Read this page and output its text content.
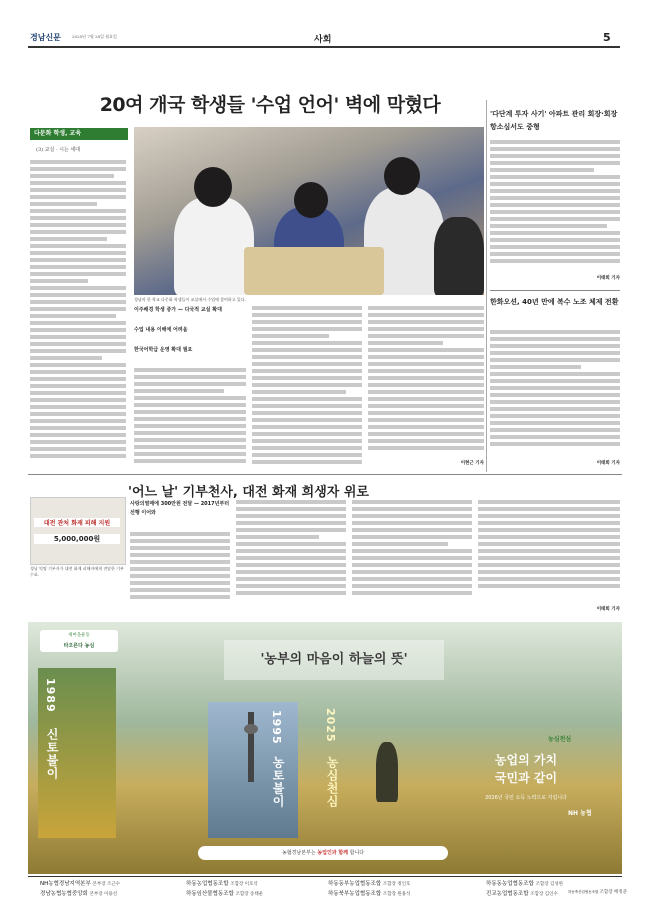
경남신문	2025년 7월 28일 월요일	사회	5
20여 개국 학생들 '수업 언어' 벽에 막혔다
다문화 학생, 교육
(3) 교실 · 시는 세대
경남의 한 학교 다문화 학생들이 교실에서 수업에 참여하고 있다.
이주배경 학생 증가 — 다국적 교실 확대
수업 내용 이해에 어려움
한국어학급 운영 확대 필요
이현근 기자
'다단계 투자 사기' 아파트 관리 회장·회장 항소심서도 중형
이태희 기자
한화오션, 40년 만에 복수 노조 체제 전환
이태희 기자
'어느 날' 기부천사, 대전 화재 희생자 위로
대전 관처 화재 피해 지원
5,000,000원
경남 익명 기부자가 대전 화재 피해자에게 전달한 기부 수표.
사랑의열매에 300만원 전달 — 2017년부터 선행 이어와
이태희 기자
새마을운동
타오른다 농심
'농부의 마음이 하늘의 뜻'
1989
신토불이
1995
농토불이
2025
농심천심
농심천심
농업의 가치
국민과 같이
2026년 국민 소득 노력으로 지킵니다
NH 농협
농협경남본부는 농업인과 함께 합니다
NH농협경남지역본부 본부장 조근수	하동농업협동조합 조합장 이호석	하동동부농업협동조합 조합장 정인호	하동동농업협동조합 조합장 김성한
경남농협농협중앙회 본부장 이용선	하동임산물협동조합 조합장 송태운	하동북부농업협동조합 조합장 원용석	진교농업협동조합 조합장 김인수	하동축산업협동조합 조합장 배정준
